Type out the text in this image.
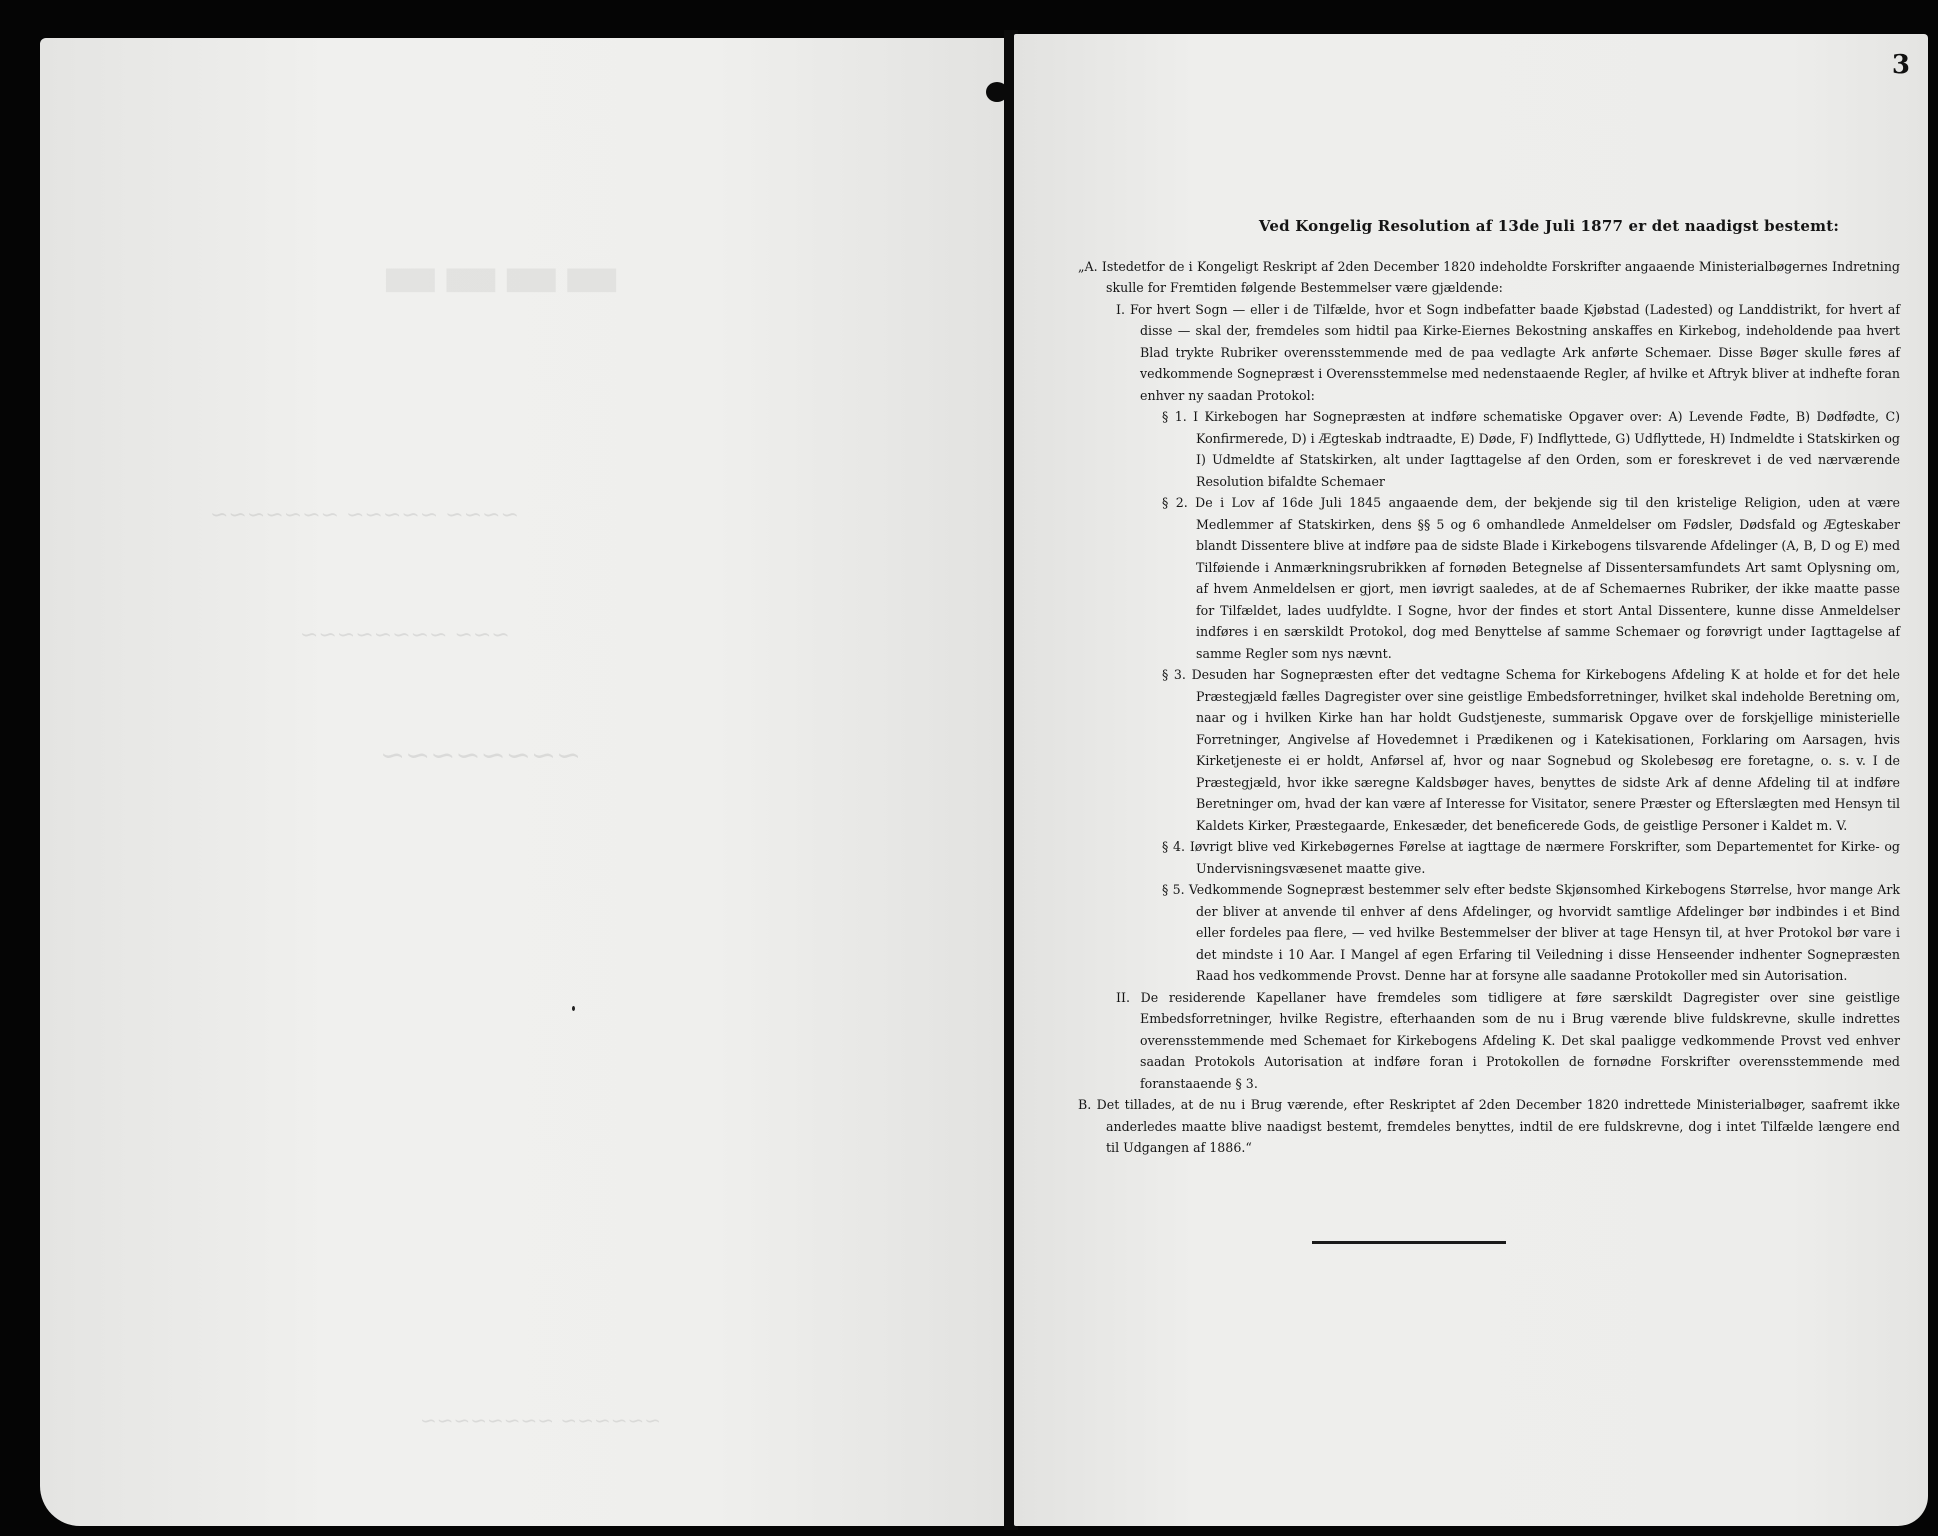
▬▬▬▬
~~~~ ~~~~~ ~~~~~~~
~~~ ~~~~~~~~
~~~~~~~~
~~~~~~ ~~~~~~~~
3
Ved Kongelig Resolution af 13de Juli 1877 er det naadigst bestemt:

„A. Istedetfor de i Kongeligt Reskript af 2den December 1820 indeholdte Forskrifter angaaende Ministerialbøgernes Indretning skulle for Fremtiden følgende Bestemmelser være gjældende:

I. For hvert Sogn — eller i de Tilfælde, hvor et Sogn indbefatter baade Kjøbstad (Ladested) og Landdistrikt, for hvert af disse — skal der, fremdeles som hidtil paa Kirke-Eiernes Bekostning anskaffes en Kirkebog, indeholdende paa hvert Blad trykte Rubriker overensstemmende med de paa vedlagte Ark anførte Schemaer. Disse Bøger skulle føres af vedkommende Sognepræst i Overensstemmelse med nedenstaaende Regler, af hvilke et Aftryk bliver at indhefte foran enhver ny saadan Protokol:

§ 1. I Kirkebogen har Sognepræsten at indføre schematiske Opgaver over: A) Levende Fødte, B) Dødfødte, C) Konfirmerede, D) i Ægteskab indtraadte, E) Døde, F) Indflyttede, G) Udflyttede, H) Indmeldte i Statskirken og I) Udmeldte af Statskirken, alt under Iagttagelse af den Orden, som er foreskrevet i de ved nærværende Resolution bifaldte Schemaer

§ 2. De i Lov af 16de Juli 1845 angaaende dem, der bekjende sig til den kristelige Religion, uden at være Medlemmer af Statskirken, dens §§ 5 og 6 omhandlede Anmeldelser om Fødsler, Dødsfald og Ægteskaber blandt Dissentere blive at indføre paa de sidste Blade i Kirkebogens tilsvarende Afdelinger (A, B, D og E) med Tilføiende i Anmærkningsrubrikken af fornøden Betegnelse af Dissentersamfundets Art samt Oplysning om, af hvem Anmeldelsen er gjort, men iøvrigt saaledes, at de af Schemaernes Rubriker, der ikke maatte passe for Tilfældet, lades uudfyldte. I Sogne, hvor der findes et stort Antal Dissentere, kunne disse Anmeldelser indføres i en særskildt Protokol, dog med Benyttelse af samme Schemaer og forøvrigt under Iagttagelse af samme Regler som nys nævnt.

§ 3. Desuden har Sognepræsten efter det vedtagne Schema for Kirkebogens Afdeling K at holde et for det hele Præstegjæld fælles Dagregister over sine geistlige Embedsforretninger, hvilket skal indeholde Beretning om, naar og i hvilken Kirke han har holdt Gudstjeneste, summarisk Opgave over de forskjellige ministerielle Forretninger, Angivelse af Hovedemnet i Prædikenen og i Katekisationen, Forklaring om Aarsagen, hvis Kirketjeneste ei er holdt, Anførsel af, hvor og naar Sognebud og Skolebesøg ere foretagne, o. s. v. I de Præstegjæld, hvor ikke særegne Kaldsbøger haves, benyttes de sidste Ark af denne Afdeling til at indføre Beretninger om, hvad der kan være af Interesse for Visitator, senere Præster og Efterslægten med Hensyn til Kaldets Kirker, Præstegaarde, Enkesæder, det beneficerede Gods, de geistlige Personer i Kaldet m. V.

§ 4. Iøvrigt blive ved Kirkebøgernes Førelse at iagttage de nærmere Forskrifter, som Departementet for Kirke- og Undervisningsvæsenet maatte give.

§ 5. Vedkommende Sognepræst bestemmer selv efter bedste Skjønsomhed Kirkebogens Størrelse, hvor mange Ark der bliver at anvende til enhver af dens Afdelinger, og hvorvidt samtlige Afdelinger bør indbindes i et Bind eller fordeles paa flere, — ved hvilke Bestemmelser der bliver at tage Hensyn til, at hver Protokol bør vare i det mindste i 10 Aar. I Mangel af egen Erfaring til Veiledning i disse Henseender indhenter Sognepræsten Raad hos vedkommende Provst. Denne har at forsyne alle saadanne Protokoller med sin Autorisation.

II. De residerende Kapellaner have fremdeles som tidligere at føre særskildt Dagregister over sine geistlige Embedsforretninger, hvilke Registre, efterhaanden som de nu i Brug værende blive fuldskrevne, skulle indrettes overensstemmende med Schemaet for Kirkebogens Afdeling K. Det skal paaligge vedkommende Provst ved enhver saadan Protokols Autorisation at indføre foran i Protokollen de fornødne Forskrifter overensstemmende med foranstaaende § 3.

B. Det tillades, at de nu i Brug værende, efter Reskriptet af 2den December 1820 indrettede Ministerialbøger, saafremt ikke anderledes maatte blive naadigst bestemt, fremdeles benyttes, indtil de ere fuldskrevne, dog i intet Tilfælde længere end til Udgangen af 1886.“
